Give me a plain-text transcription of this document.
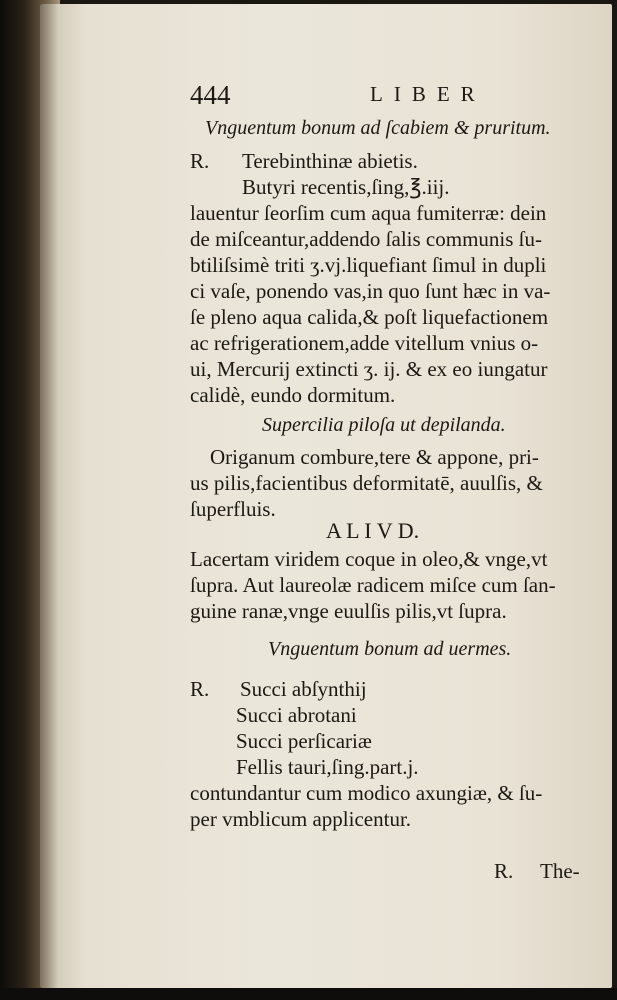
444	LIBER
Vnguentum bonum ad ſcabiem & pruritum.
R. Terebinthinæ abietis.
Butyri recentis,ſing,℥.iij.
lauentur ſeorſim cum aqua fumiterræ: dein
de miſceantur,addendo ſalis communis ſu-
btiliſsimè triti ʒ.vj.liquefiant ſimul in dupli
ci vaſe, ponendo vas,in quo ſunt hæc in va-
ſe pleno aqua calida,& poſt liquefactionem
ac refrigerationem,adde vitellum vnius o-
ui, Mercurij extincti ʒ. ij. & ex eo iungatur
calidè, eundo dormitum.
Supercilia piloſa ut depilanda.
Origanum combure,tere & appone, pri-
us pilis,facientibus deformitatē, auulſis, &
ſuperfluis.
A L I V D.
Lacertam viridem coque in oleo,& vnge,vt
ſupra. Aut laureolæ radicem miſce cum ſan-
guine ranæ,vnge euulſis pilis,vt ſupra.
Vnguentum bonum ad uermes.
R. Succi abſynthij
Succi abrotani
Succi perſicariæ
Fellis tauri,ſing.part.j.
contundantur cum modico axungiæ, & ſu-
per vmblicum applicentur.
R. The-
